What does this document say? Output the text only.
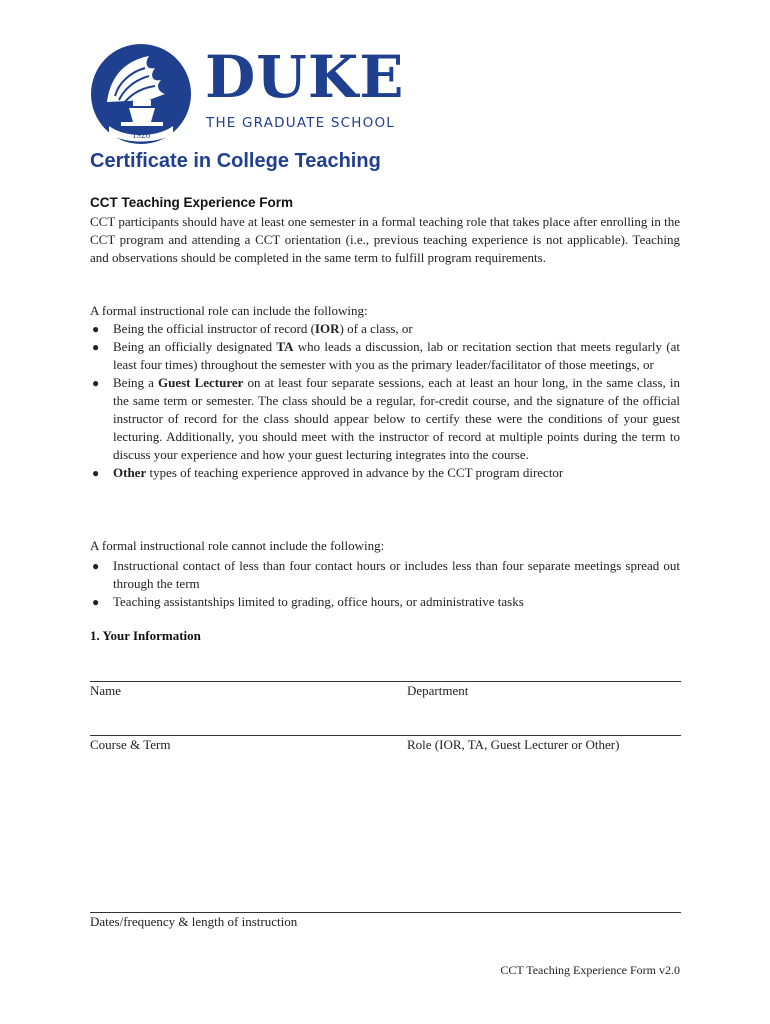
1926
DUKE
THE GRADUATE SCHOOL
Certificate in College Teaching
CCT Teaching Experience Form
CCT participants should have at least one semester in a formal teaching role that takes place after enrolling in the CCT program and attending a CCT orientation (i.e., previous teaching experience is not applicable). Teaching and observations should be completed in the same term to fulfill program requirements.
A formal instructional role can include the following:
● Being the official instructor of record (IOR) of a class, or
● Being an officially designated TA who leads a discussion, lab or recitation section that meets regularly (at least four times) throughout the semester with you as the primary leader/facilitator of those meetings, or
● Being a Guest Lecturer on at least four separate sessions, each at least an hour long, in the same class, in the same term or semester. The class should be a regular, for-credit course, and the signature of the official instructor of record for the class should appear below to certify these were the conditions of your guest lecturing. Additionally, you should meet with the instructor of record at multiple points during the term to discuss your experience and how your guest lecturing integrates into the course.
● Other types of teaching experience approved in advance by the CCT program director
A formal instructional role cannot include the following:
● Instructional contact of less than four contact hours or includes less than four separate meetings spread out through the term
● Teaching assistantships limited to grading, office hours, or administrative tasks
1. Your Information
Name	Department
Course & Term	Role (IOR, TA, Guest Lecturer or Other)
Dates/frequency & length of instruction
CCT Teaching Experience Form v2.0
